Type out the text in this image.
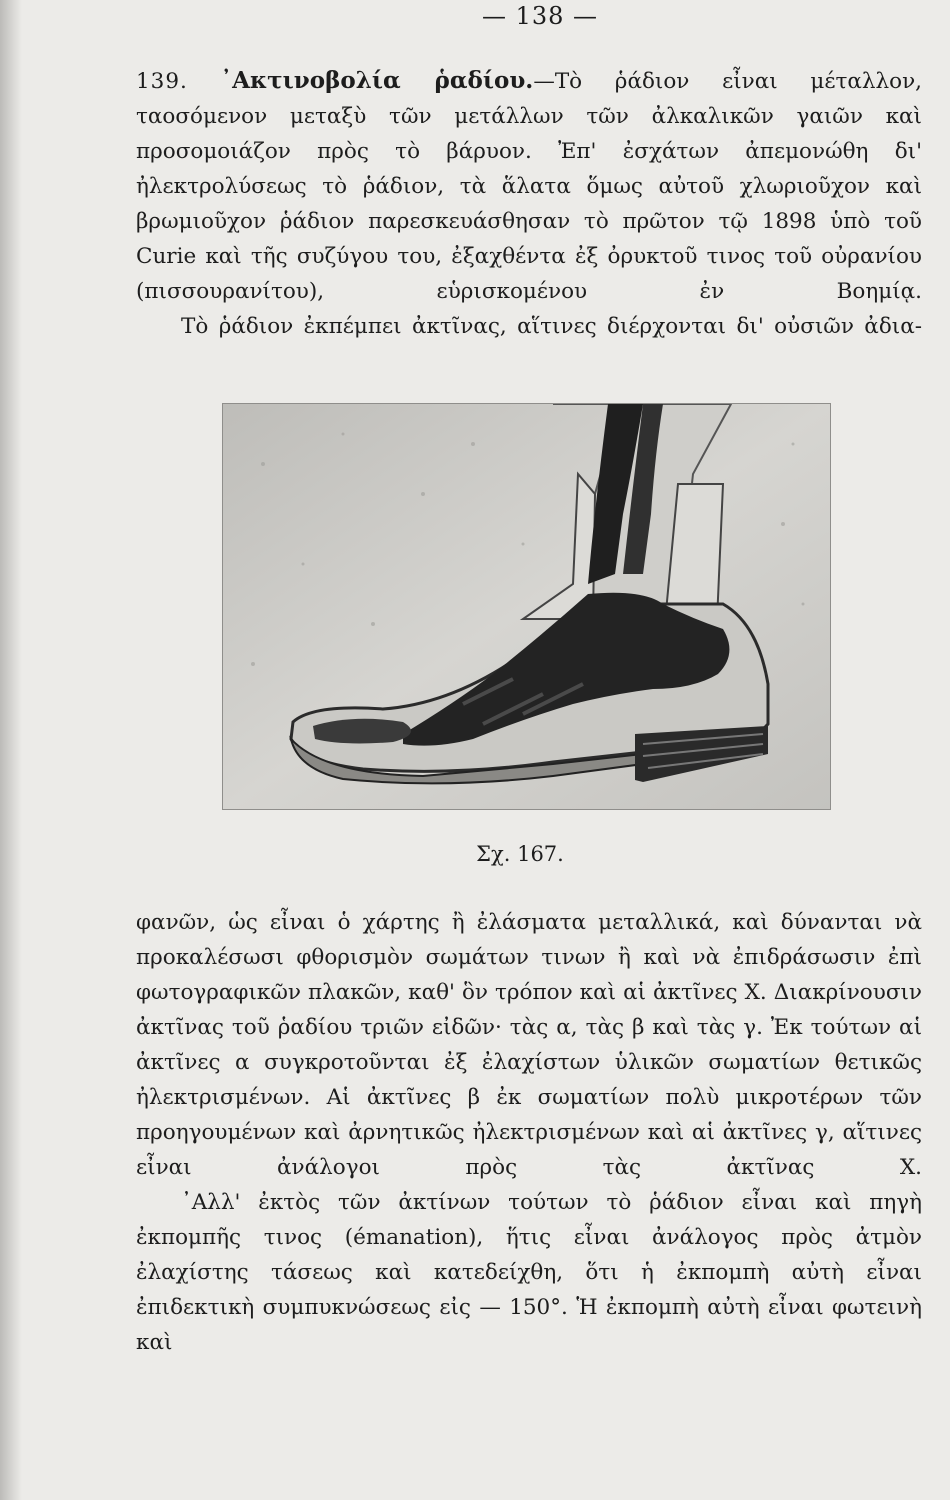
— 138 —

139. ᾿Ακτινοβολία ῥαδίου.—Τὸ ῥάδιον εἶναι μέταλλον, ταοσόμενον μεταξὺ τῶν μετάλλων τῶν ἀλκαλικῶν γαιῶν καὶ προσομοιάζον πρὸς τὸ βάρυον. Ἐπ' ἐσχάτων ἀπεμονώθη δι' ἠλεκτρολύσεως τὸ ῥάδιον, τὰ ἅλατα ὅμως αὐτοῦ χλωριοῦχον καὶ βρωμιοῦχον ῥάδιον παρεσκευάσθησαν τὸ πρῶτον τῷ 1898 ὑπὸ τοῦ Curie καὶ τῆς συζύγου του, ἐξαχθέντα ἐξ ὀρυκτοῦ τινος τοῦ οὐρανίου (πισσουρανίτου), εὑρισκομένου ἐν Βοημίᾳ.

Τὸ ῥάδιον ἐκπέμπει ἀκτῖνας, αἵτινες διέρχονται δι' οὐσιῶν ἀδια-

Σχ. 167.

φανῶν, ὡς εἶναι ὁ χάρτης ἢ ἐλάσματα μεταλλικά, καὶ δύνανται νὰ προκαλέσωσι φθορισμὸν σωμάτων τινων ἢ καὶ νὰ ἐπιδράσωσιν ἐπὶ φωτογραφικῶν πλακῶν, καθ' ὃν τρόπον καὶ αἱ ἀκτῖνες X. Διακρίνουσιν ἀκτῖνας τοῦ ῥαδίου τριῶν εἰδῶν· τὰς α, τὰς β καὶ τὰς γ. Ἐκ τούτων αἱ ἀκτῖνες α συγκροτοῦνται ἐξ ἐλαχίστων ὑλικῶν σωματίων θετικῶς ἠλεκτρισμένων. Αἱ ἀκτῖνες β ἐκ σωματίων πολὺ μικροτέρων τῶν προηγουμένων καὶ ἀρνητικῶς ἠλεκτρισμένων καὶ αἱ ἀκτῖνες γ, αἵτινες εἶναι ἀνάλογοι πρὸς τὰς ἀκτῖνας X.

᾿Αλλ' ἐκτὸς τῶν ἀκτίνων τούτων τὸ ῥάδιον εἶναι καὶ πηγὴ ἐκπομπῆς τινος (émanation), ἥτις εἶναι ἀνάλογος πρὸς ἀτμὸν ἐλαχίστης τάσεως καὶ κατεδείχθη, ὅτι ἡ ἐκπομπὴ αὐτὴ εἶναι ἐπιδεκτικὴ συμπυκνώσεως εἰς — 150°. Ἡ ἐκπομπὴ αὐτὴ εἶναι φωτεινὴ καὶ
